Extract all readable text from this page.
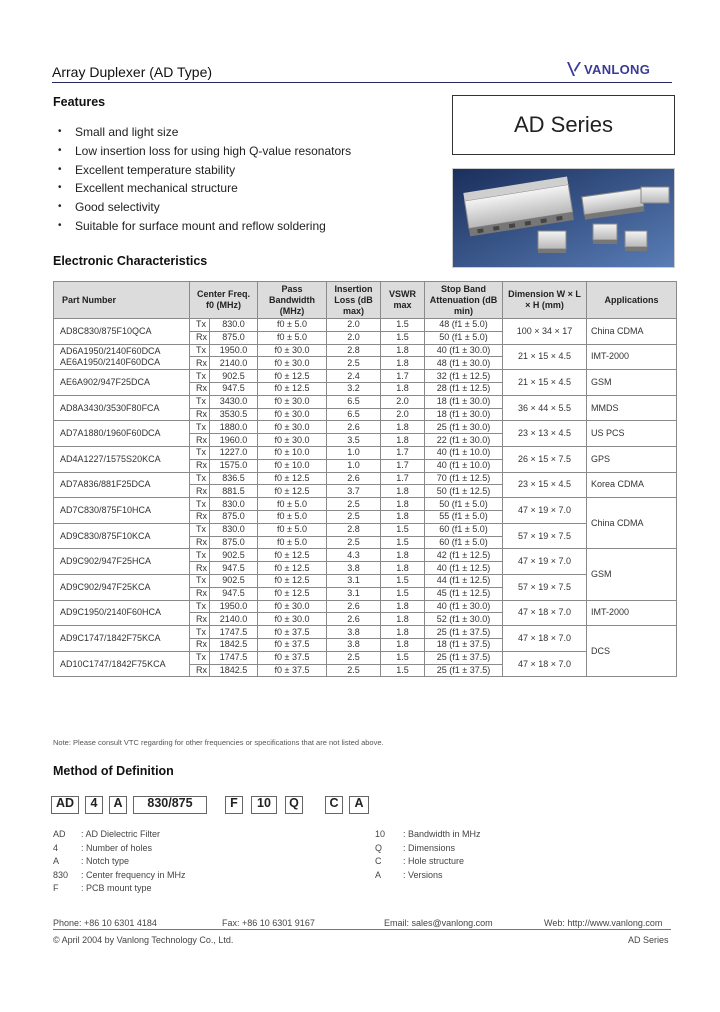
Array Duplexer (AD Type)	VANLONG
Features
•	Small and light size
•	Low insertion loss for using high Q-value resonators
•	Excellent temperature stability
•	Excellent mechanical structure
•	Good selectivity
•	Suitable for surface mount and reflow soldering
AD Series
Electronic Characteristics
Part Number	Center Freq. f0 (MHz)		Pass Bandwidth (MHz)	Insertion Loss (dB max)	VSWR max	Stop Band Attenuation (dB min)	Dimension W × L × H (mm)	Applications
AD8C830/875F10QCA	Tx	830.0	f0 ± 5.0	2.0	1.5	48 (f1 ± 5.0)	100 × 34 × 17	China CDMA
	Rx	875.0	f0 ± 5.0	2.0	1.5	50 (f1 ± 5.0)		
AD6A1950/2140F60DCA
AE6A1950/2140F60DCA	Tx	1950.0	f0 ± 30.0	2.8	1.8	40 (f1 ± 30.0)	21 × 15 × 4.5	IMT-2000
	Rx	2140.0	f0 ± 30.0	2.5	1.8	48 (f1 ± 30.0)		
AE6A902/947F25DCA	Tx	902.5	f0 ± 12.5	2.4	1.7	32 (f1 ± 12.5)	21 × 15 × 4.5	GSM
	Rx	947.5	f0 ± 12.5	3.2	1.8	28 (f1 ± 12.5)		
AD8A3430/3530F80FCA	Tx	3430.0	f0 ± 30.0	6.5	2.0	18 (f1 ± 30.0)	36 × 44 × 5.5	MMDS
	Rx	3530.5	f0 ± 30.0	6.5	2.0	18 (f1 ± 30.0)		
AD7A1880/1960F60DCA	Tx	1880.0	f0 ± 30.0	2.6	1.8	25 (f1 ± 30.0)	23 × 13 × 4.5	US PCS
	Rx	1960.0	f0 ± 30.0	3.5	1.8	22 (f1 ± 30.0)		
AD4A1227/1575S20KCA	Tx	1227.0	f0 ± 10.0	1.0	1.7	40 (f1 ± 10.0)	26 × 15 × 7.5	GPS
	Rx	1575.0	f0 ± 10.0	1.0	1.7	40 (f1 ± 10.0)		
AD7A836/881F25DCA	Tx	836.5	f0 ± 12.5	2.6	1.7	70 (f1 ± 12.5)	23 × 15 × 4.5	Korea CDMA
	Rx	881.5	f0 ± 12.5	3.7	1.8	50 (f1 ± 12.5)		
AD7C830/875F10HCA	Tx	830.0	f0 ± 5.0	2.5	1.8	50 (f1 ± 5.0)	47 × 19 × 7.0	China CDMA
	Rx	875.0	f0 ± 5.0	2.5	1.8	55 (f1 ± 5.0)		
AD9C830/875F10KCA	Tx	830.0	f0 ± 5.0	2.8	1.5	60 (f1 ± 5.0)	57 × 19 × 7.5	
	Rx	875.0	f0 ± 5.0	2.5	1.5	60 (f1 ± 5.0)		
AD9C902/947F25HCA	Tx	902.5	f0 ± 12.5	4.3	1.8	42 (f1 ± 12.5)	47 × 19 × 7.0	GSM
	Rx	947.5	f0 ± 12.5	3.8	1.8	40 (f1 ± 12.5)		
AD9C902/947F25KCA	Tx	902.5	f0 ± 12.5	3.1	1.5	44 (f1 ± 12.5)	57 × 19 × 7.5	
	Rx	947.5	f0 ± 12.5	3.1	1.5	45 (f1 ± 12.5)		
AD9C1950/2140F60HCA	Tx	1950.0	f0 ± 30.0	2.6	1.8	40 (f1 ± 30.0)	47 × 18 × 7.0	IMT-2000
	Rx	2140.0	f0 ± 30.0	2.6	1.8	52 (f1 ± 30.0)		
AD9C1747/1842F75KCA	Tx	1747.5	f0 ± 37.5	3.8	1.8	25 (f1 ± 37.5)	47 × 18 × 7.0	DCS
	Rx	1842.5	f0 ± 37.5	3.8	1.8	18 (f1 ± 37.5)		
AD10C1747/1842F75KCA	Tx	1747.5	f0 ± 37.5	2.5	1.5	25 (f1 ± 37.5)	47 × 18 × 7.0	
	Rx	1842.5	f0 ± 37.5	2.5	1.5	25 (f1 ± 37.5)		
Note: Please consult VTC regarding for other frequencies or specifications that are not listed above.
Method of Definition
AD 4 A	830/875	F	10	Q C A
AD	: AD Dielectric Filter
4	: Number of holes
A	: Notch type
830	: Center frequency in MHz
F	: PCB mount type
10	: Bandwidth in MHz
Q	: Dimensions
C	: Hole structure
A	: Versions
Phone: +86 10 6301 4184	Fax: +86 10 6301 9167	Email: sales@vanlong.com	Web: http://www.vanlong.com
© April 2004 by Vanlong Technology Co., Ltd.	AD Series
